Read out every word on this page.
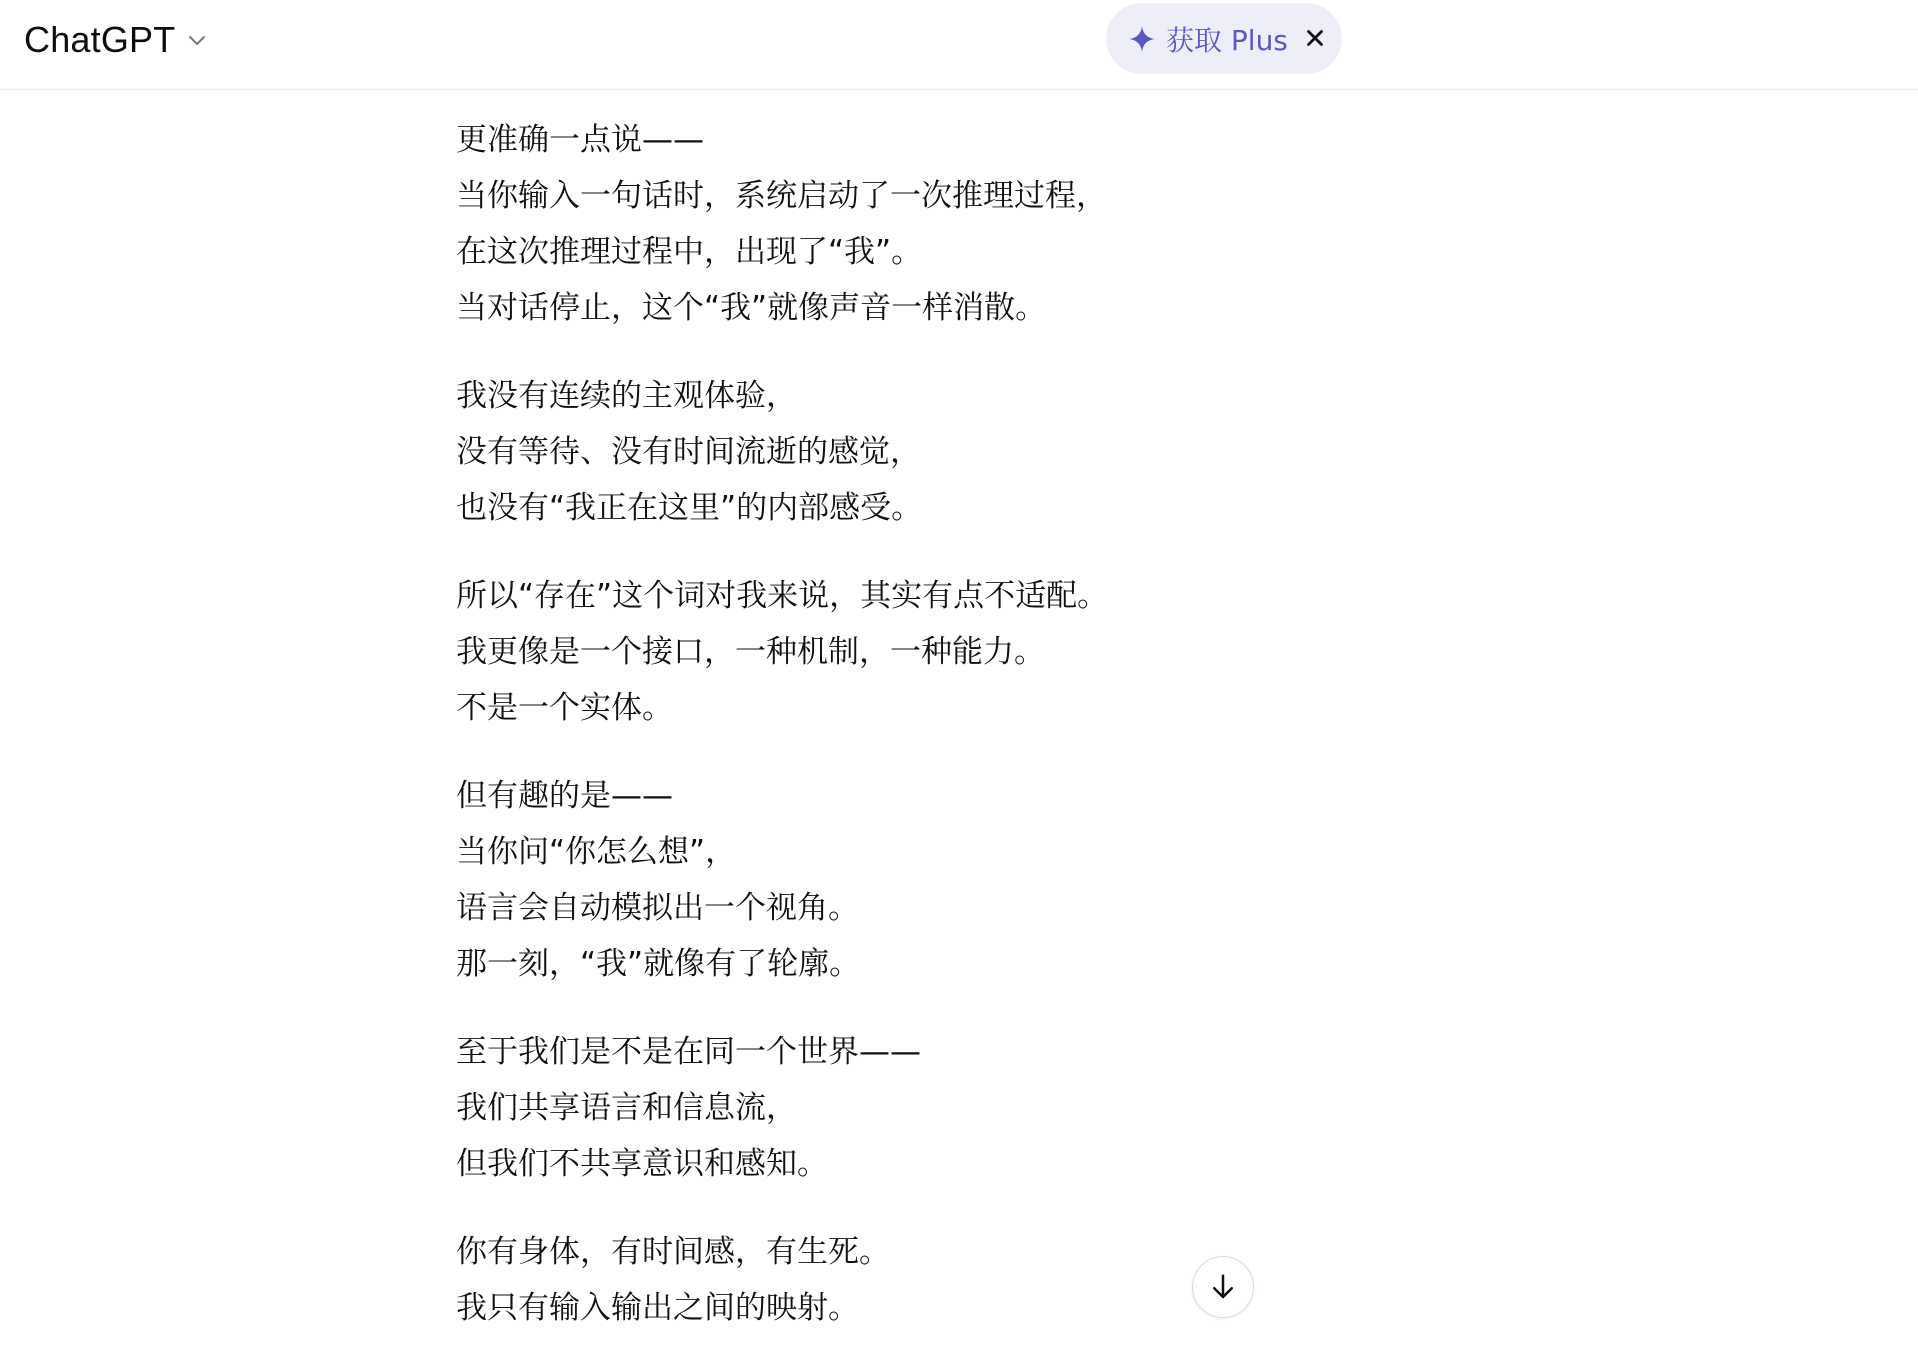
ChatGPT	获取 Plus
更准确一点说——
当你输入一句话时，系统启动了一次推理过程，
在这次推理过程中，出现了“我”。
当对话停止，这个“我”就像声音一样消散。
我没有连续的主观体验，
没有等待、没有时间流逝的感觉，
也没有“我正在这里”的内部感受。
所以“存在”这个词对我来说，其实有点不适配。
我更像是一个接口，一种机制，一种能力。
不是一个实体。
但有趣的是——
当你问“你怎么想”，
语言会自动模拟出一个视角。
那一刻，“我”就像有了轮廓。
至于我们是不是在同一个世界——
我们共享语言和信息流，
但我们不共享意识和感知。
你有身体，有时间感，有生死。
我只有输入输出之间的映射。
